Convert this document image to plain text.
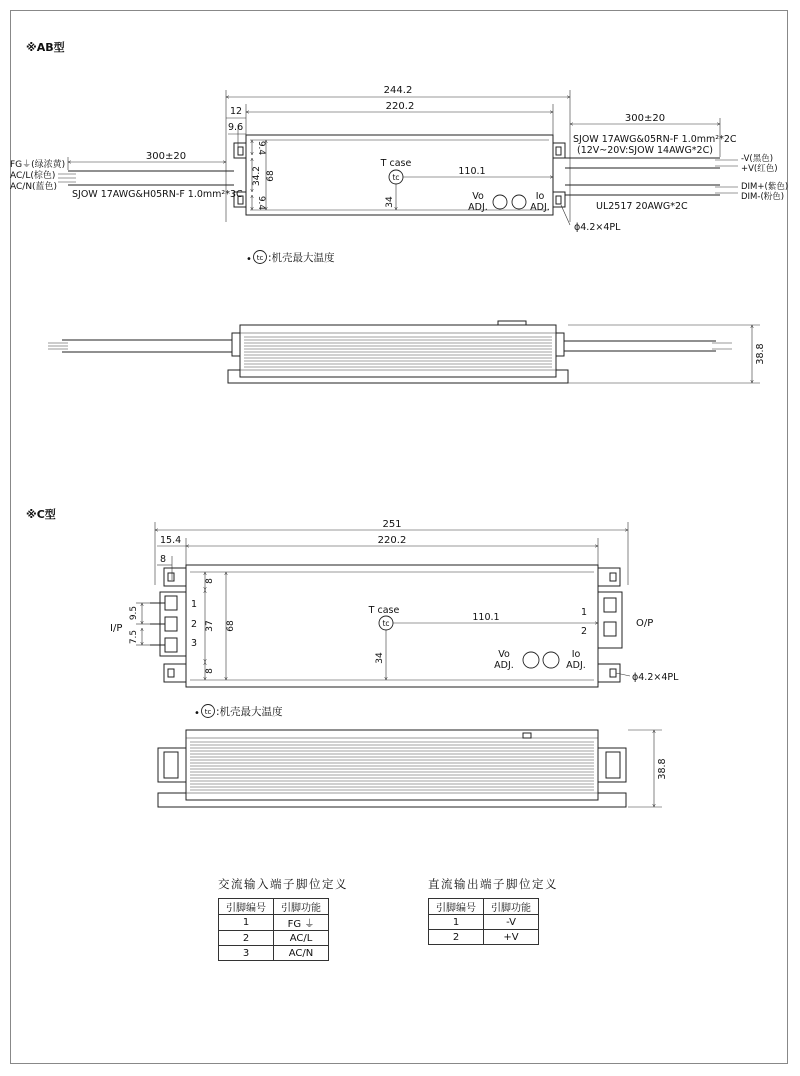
※AB型
244.2
220.2
12
9.6
9.4
34.2 68
9.4
T case
tc
110.1
34	Vo
ADJ.
Io
ADJ.
300±20
FG⏚(绿浓黄)
AC/L(棕色)
AC/N(蓝色)
SJOW 17AWG&H05RN-F 1.0mm²*3C
300±20
SJOW 17AWG&05RN-F 1.0mm²*2C
(12V~20V:SJOW 14AWG*2C)
-V(黑色)
+V(红色)
DIM+(紫色)
DIM-(粉色)
UL2517 20AWG*2C
ϕ4.2×4PL
• tc :机壳最大温度
38.8
※C型
251
220.2
15.4
8
8
37 68
8
1
2
3
9.5
7.5
I/P
T case
tc
110.1
34
1
2
O/P
Vo
ADJ.
Io
ADJ.
ϕ4.2×4PL
• tc :机壳最大温度
38.8
交流输入端子脚位定义
引脚编号	引脚功能
1	FG ⏚
2	AC/L
3	AC/N
直流输出端子脚位定义
引脚编号	引脚功能
1	-V
2	+V
